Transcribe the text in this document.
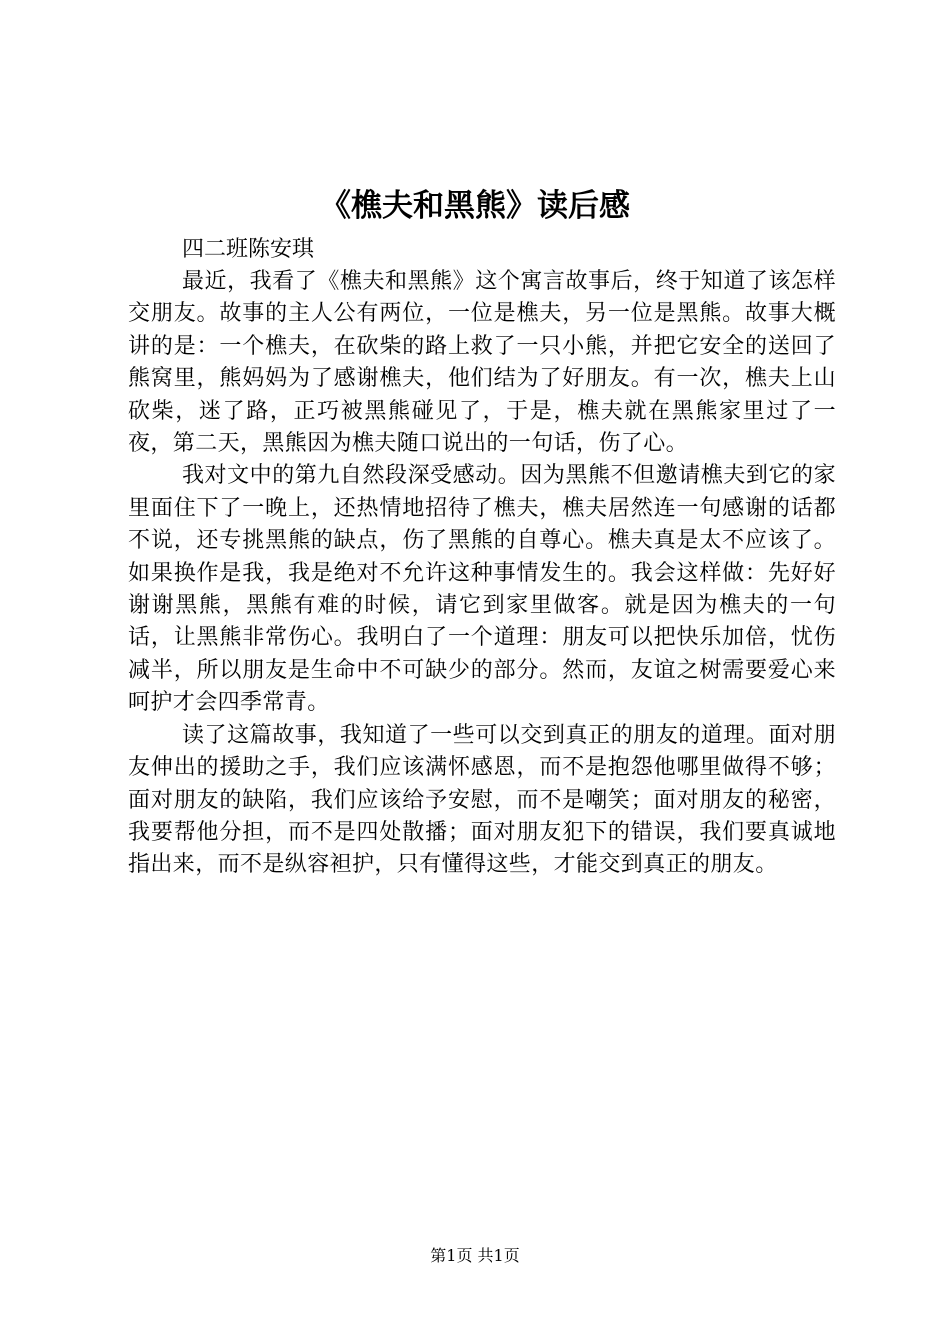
《樵夫和黑熊》读后感

四二班陈安琪

最近，我看了《樵夫和黑熊》这个寓言故事后，终于知道了该怎样交朋友。故事的主人公有两位，一位是樵夫，另一位是黑熊。故事大概讲的是：一个樵夫，在砍柴的路上救了一只小熊，并把它安全的送回了熊窝里，熊妈妈为了感谢樵夫，他们结为了好朋友。有一次，樵夫上山砍柴，迷了路，正巧被黑熊碰见了，于是，樵夫就在黑熊家里过了一夜，第二天，黑熊因为樵夫随口说出的一句话，伤了心。

我对文中的第九自然段深受感动。因为黑熊不但邀请樵夫到它的家里面住下了一晚上，还热情地招待了樵夫，樵夫居然连一句感谢的话都不说，还专挑黑熊的缺点，伤了黑熊的自尊心。樵夫真是太不应该了。如果换作是我，我是绝对不允许这种事情发生的。我会这样做：先好好谢谢黑熊，黑熊有难的时候，请它到家里做客。就是因为樵夫的一句话，让黑熊非常伤心。我明白了一个道理：朋友可以把快乐加倍，忧伤减半，所以朋友是生命中不可缺少的部分。然而，友谊之树需要爱心来呵护才会四季常青。

读了这篇故事，我知道了一些可以交到真正的朋友的道理。面对朋友伸出的援助之手，我们应该满怀感恩，而不是抱怨他哪里做得不够；面对朋友的缺陷，我们应该给予安慰，而不是嘲笑；面对朋友的秘密，我要帮他分担，而不是四处散播；面对朋友犯下的错误，我们要真诚地指出来，而不是纵容袒护，只有懂得这些，才能交到真正的朋友。

第1页 共1页
